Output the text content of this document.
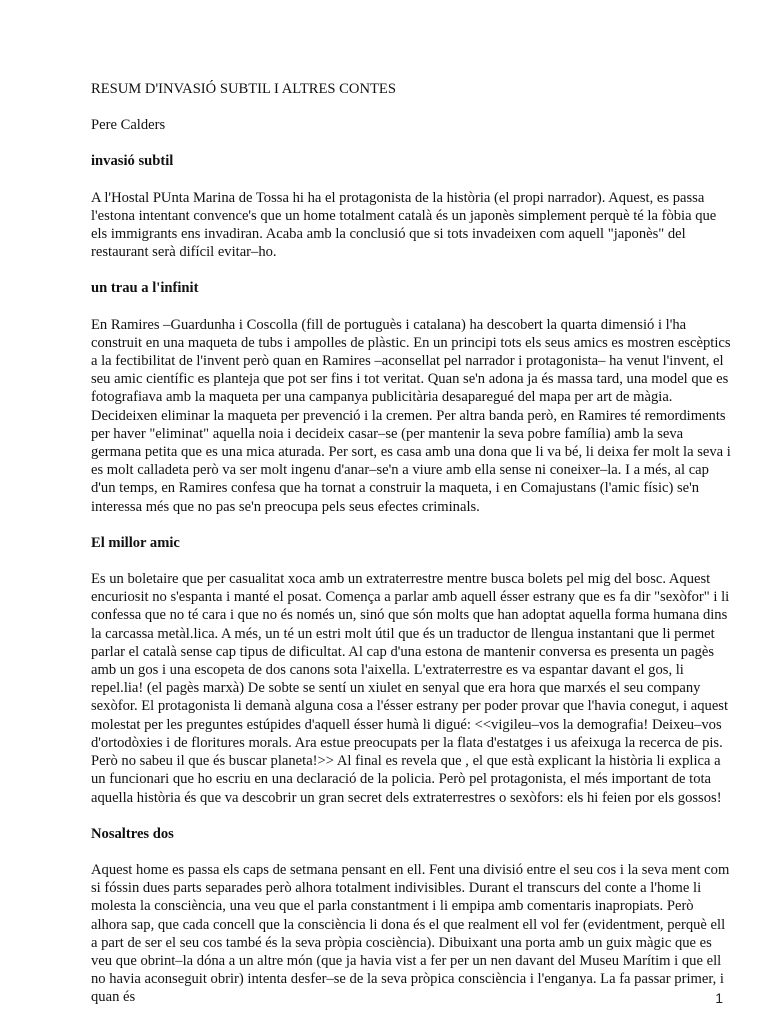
RESUM D'INVASIÓ SUBTIL I ALTRES CONTES
Pere Calders
invasió subtil

A l'Hostal PUnta Marina de Tossa hi ha el protagonista de la història (el propi narrador). Aquest, es passa l'estona intentant convence's que un home totalment català és un japonès simplement perquè té la fòbia que els immigrants ens invadiran. Acaba amb la conclusió que si tots invadeixen com aquell "japonès" del restaurant serà difícil evitar–ho.

un trau a l'infinit

En Ramires –Guardunha i Coscolla (fill de portuguès i catalana) ha descobert la quarta dimensió i l'ha construit en una maqueta de tubs i ampolles de plàstic. En un principi tots els seus amics es mostren escèptics a la fectibilitat de l'invent però quan en Ramires –aconsellat pel narrador i protagonista– ha venut l'invent, el seu amic científic es planteja que pot ser fins i tot veritat. Quan se'n adona ja és massa tard, una model que es fotografiava amb la maqueta per una campanya publicitària desaparegué del mapa per art de màgia. Decideixen eliminar la maqueta per prevenció i la cremen. Per altra banda però, en Ramires té remordiments per haver "eliminat" aquella noia i decideix casar–se (per mantenir la seva pobre família) amb la seva germana petita que es una mica aturada. Per sort, es casa amb una dona que li va bé, li deixa fer molt la seva i es molt calladeta però va ser molt ingenu d'anar–se'n a viure amb ella sense ni coneixer–la. I a més, al cap d'un temps, en Ramires confesa que ha tornat a construir la maqueta, i en Comajustans (l'amic físic) se'n interessa més que no pas se'n preocupa pels seus efectes criminals.

El millor amic

Es un boletaire que per casualitat xoca amb un extraterrestre mentre busca bolets pel mig del bosc. Aquest encuriosit no s'espanta i manté el posat. Comença a parlar amb aquell ésser estrany que es fa dir "sexòfor" i li confessa que no té cara i que no és només un, sinó que són molts que han adoptat aquella forma humana dins la carcassa metàl.lica. A més, un té un estri molt útil que és un traductor de llengua instantani que li permet parlar el català sense cap tipus de dificultat. Al cap d'una estona de mantenir conversa es presenta un pagès amb un gos i una escopeta de dos canons sota l'aixella. L'extraterrestre es va espantar davant el gos, li repel.lia! (el pagès marxà) De sobte se sentí un xiulet en senyal que era hora que marxés el seu company sexòfor. El protagonista li demanà alguna cosa a l'ésser estrany per poder provar que l'havia conegut, i aquest molestat per les preguntes estúpides d'aquell ésser humà li digué: <<vigileu–vos la demografia! Deixeu–vos d'ortodòxies i de floritures morals. Ara estue preocupats per la flata d'estatges i us afeixuga la recerca de pis. Però no sabeu il que és buscar planeta!>> Al final es revela que , el que està explicant la història li explica a un funcionari que ho escriu en una declaració de la policia. Però pel protagonista, el més important de tota aquella història és que va descobrir un gran secret dels extraterrestres o sexòfors: els hi feien por els gossos!

Nosaltres dos

Aquest home es passa els caps de setmana pensant en ell. Fent una divisió entre el seu cos i la seva ment com si fóssin dues parts separades però alhora totalment indivisibles. Durant el transcurs del conte a l'home li molesta la consciència, una veu que el parla constantment i li empipa amb comentaris inapropiats. Però alhora sap, que cada concell que la consciència li dona és el que realment ell vol fer (evidentment, perquè ell a part de ser el seu cos també és la seva pròpia cosciència). Dibuixant una porta amb un guix màgic que es veu que obrint–la dóna a un altre món (que ja havia vist a fer per un nen davant del Museu Marítim i que ell no havia aconseguit obrir) intenta desfer–se de la seva pròpica consciència i l'enganya. La fa passar primer, i quan és	1
